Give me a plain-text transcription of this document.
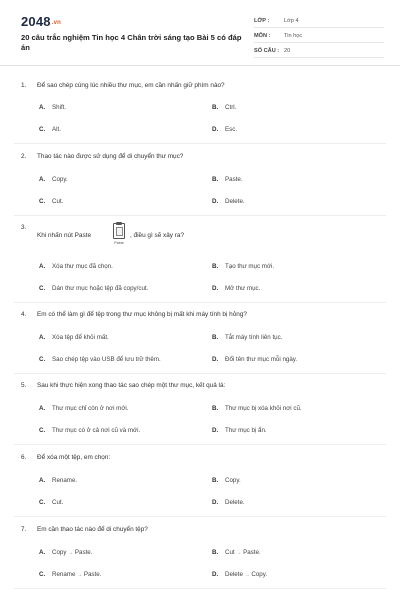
2048.vn
20 câu trắc nghiệm Tin học 4 Chân trời sáng tạo Bài 5 có đáp án
LỚP :	Lớp 4
MÔN :	Tin học
SỐ CÂU : 20
1. Để sao chép cùng lúc nhiều thư mục, em cần nhấn giữ phím nào?
A. Shift.	B. Ctrl.
C. Alt.	D. Esc.
2. Thao tác nào được sử dụng để di chuyển thư mục?
A. Copy.	B. Paste.
C. Cut.	D. Delete.
3.
Khi nhấn nút Paste
Paste
, điều gì sẽ xảy ra?
A. Xóa thư mục đã chọn.	B. Tạo thư mục mới.
C. Dán thư mục hoặc tệp đã copy/cut.	D. Mở thư mục.
4. Em có thể làm gì để tệp trong thư mục không bị mất khi máy tính bị hỏng?
A. Xóa tệp để khỏi mất.	B. Tắt máy tính liên tục.
C. Sao chép tệp vào USB để lưu trữ thêm.	D. Đổi tên thư mục mỗi ngày.
5. Sau khi thực hiện xong thao tác sao chép một thư mục, kết quả là:
A. Thư mục chỉ còn ở nơi mới.	B. Thư mục bị xóa khỏi nơi cũ.
C. Thư mục có ở cả nơi cũ và mới.	D. Thư mục bị ẩn.
6. Để xóa một tệp, em chọn:
A. Rename.	B. Copy.
C. Cut.	D. Delete.
7. Em cần thao tác nào để di chuyển tệp?
A. Copy → Paste.	B. Cut → Paste.
C. Rename → Paste.	D. Delete → Copy.
